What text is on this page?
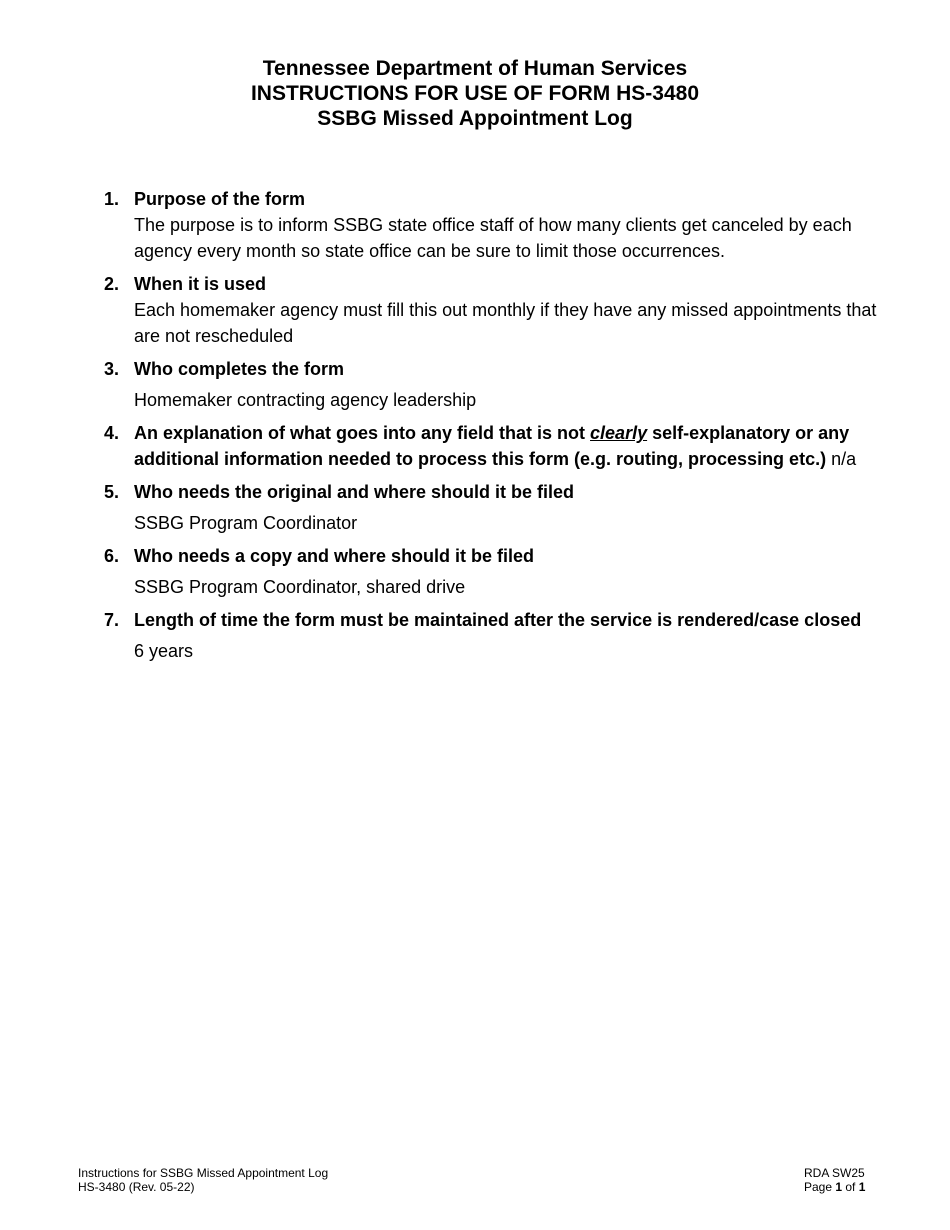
Tennessee Department of Human Services
INSTRUCTIONS FOR USE OF FORM HS-3480
SSBG Missed Appointment Log
1. Purpose of the form
The purpose is to inform SSBG state office staff of how many clients get canceled by each agency every month so state office can be sure to limit those occurrences.
2. When it is used
Each homemaker agency must fill this out monthly if they have any missed appointments that are not rescheduled
3. Who completes the form
Homemaker contracting agency leadership
4. An explanation of what goes into any field that is not clearly self-explanatory or any additional information needed to process this form (e.g. routing, processing etc.) n/a
5. Who needs the original and where should it be filed
SSBG Program Coordinator
6. Who needs a copy and where should it be filed
SSBG Program Coordinator, shared drive
7. Length of time the form must be maintained after the service is rendered/case closed
6 years
Instructions for SSBG Missed Appointment Log
HS-3480 (Rev. 05-22)
RDA SW25
Page 1 of 1
